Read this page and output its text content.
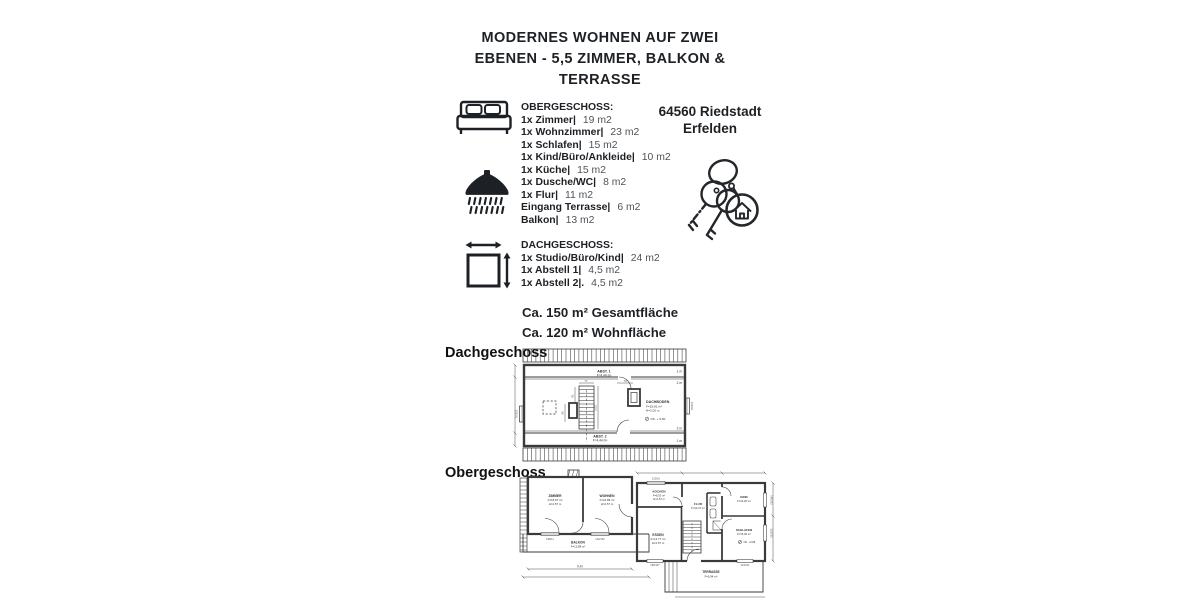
MODERNES WOHNEN AUF ZWEI
EBENEN - 5,5 ZIMMER, BALKON &
TERRASSE
OBERGESCHOSS:
1x Zimmer| 19 m2
1x Wohnzimmer| 23 m2
1x Schlafen| 15 m2
1x Kind/Büro/Ankleide| 10 m2
1x Küche| 15 m2
1x Dusche/WC| 8 m2
1x Flur| 11 m2
Eingang Terrasse| 6 m2
Balkon| 13 m2
64560 Riedstadt
Erfelden
DACHGESCHOSS:
1x Studio/Büro/Kind| 24 m2
1x Abstell 1| 4,5 m2
1x Abstell 2|. 4,5 m2
Ca. 150 m² Gesamtfläche
Ca. 120 m² Wohnfläche
Dachgeschoss
Obergeschoss
ABST. 1
F=4,44 m²
ABST. 2
F=4,44 m²
DACHBODEN
F=23,81 m²
H=2,02 m
OK. + 5,60
1 m
2 m
2 m
1 m
77	73
81
95
2,03
76/102
78/102
ZIMMER
F=18,97 m²
H=2,57 m
WOHNEN
F=22,89 m²
H=2,57 m
BALKON
F=12,88 m²
KOCHEN
F=8,53 m²
H=2,57 m
FLUR
F=10,47 m²
ESSEN
F=14,77 m²
H=2,57 m
KIND
F=10,26 m²
SCHLAFEN
F=15,36 m²
OK. +2,85
TERRASSE
F=5,94 m²
9,40
188/11	149/132
100/10
149/132
113/132
158/107	113/121
